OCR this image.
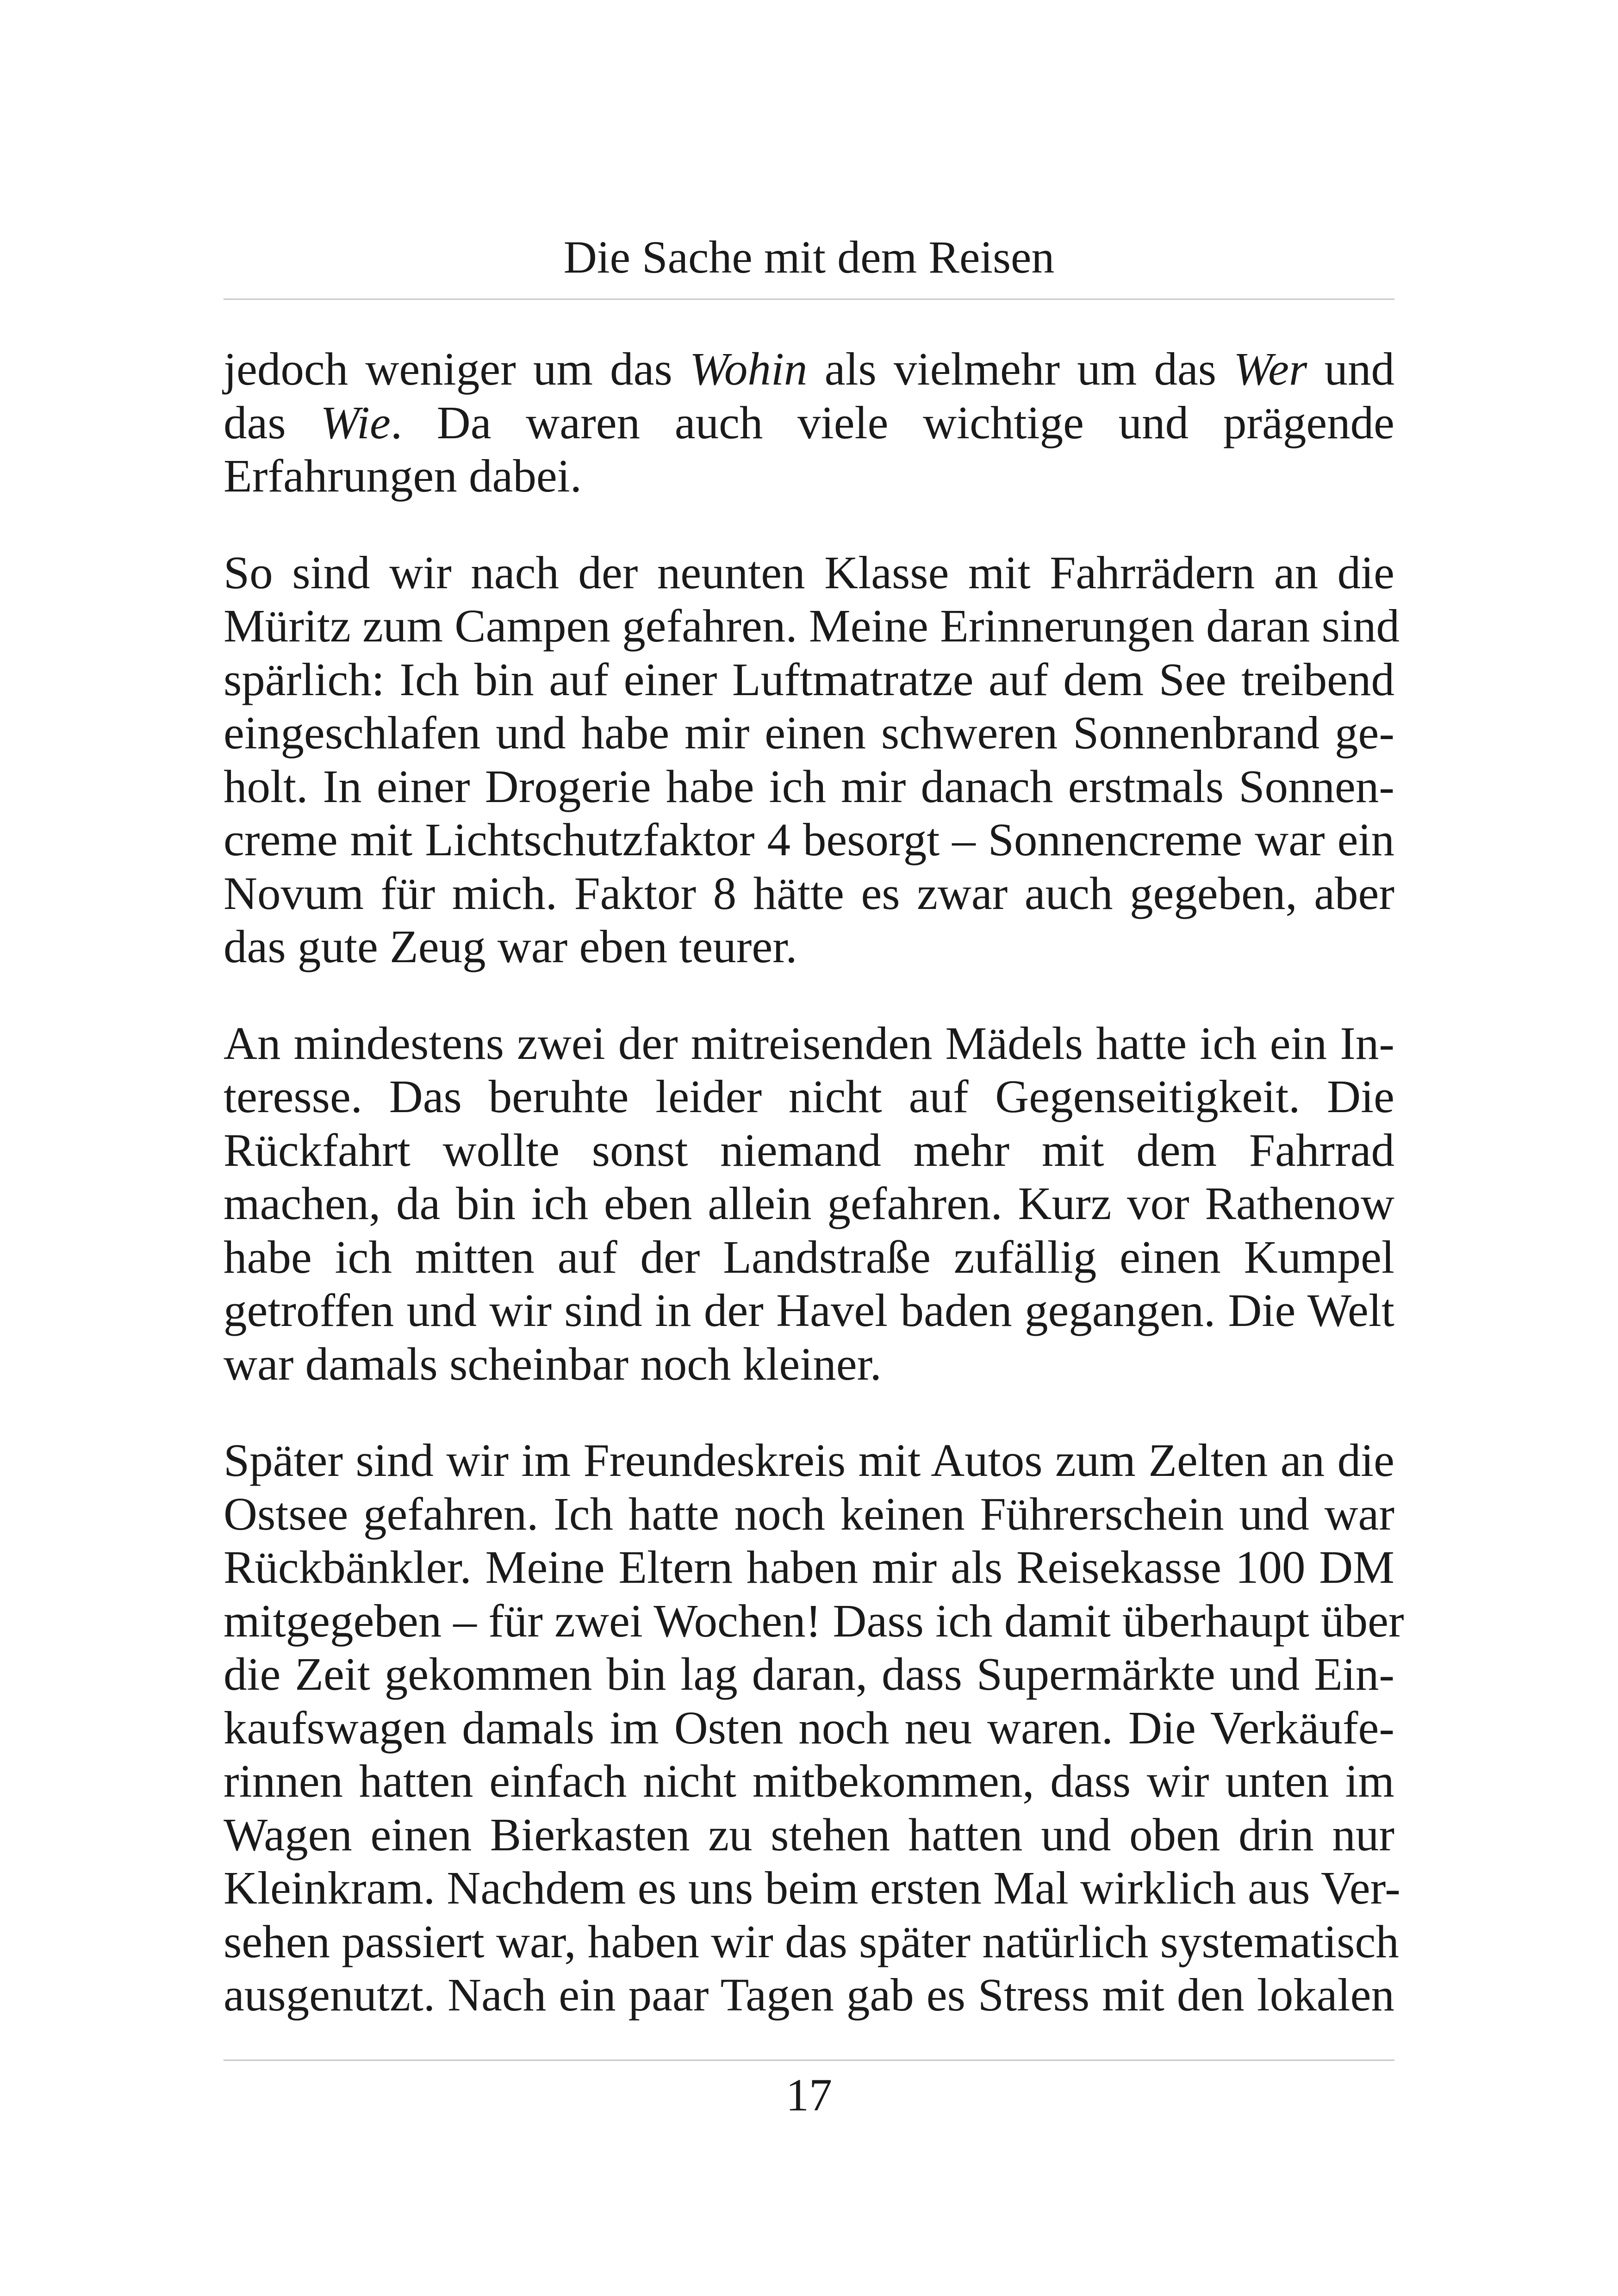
Die Sache mit dem Reisen
jedoch weniger um das Wohin als vielmehr um das Wer und
das Wie. Da waren auch viele wichtige und prägende
Erfahrungen dabei.
So sind wir nach der neunten Klasse mit Fahrrädern an die
Müritz zum Campen gefahren. Meine Erinnerungen daran sind
spärlich: Ich bin auf einer Luftmatratze auf dem See treibend
eingeschlafen und habe mir einen schweren Sonnenbrand ge-
holt. In einer Drogerie habe ich mir danach erstmals Sonnen-
creme mit Lichtschutzfaktor 4 besorgt – Sonnencreme war ein
Novum für mich. Faktor 8 hätte es zwar auch gegeben, aber
das gute Zeug war eben teurer.
An mindestens zwei der mitreisenden Mädels hatte ich ein In-
teresse. Das beruhte leider nicht auf Gegenseitigkeit. Die
Rückfahrt wollte sonst niemand mehr mit dem Fahrrad
machen, da bin ich eben allein gefahren. Kurz vor Rathenow
habe ich mitten auf der Landstraße zufällig einen Kumpel
getroffen und wir sind in der Havel baden gegangen. Die Welt
war damals scheinbar noch kleiner.
Später sind wir im Freundeskreis mit Autos zum Zelten an die
Ostsee gefahren. Ich hatte noch keinen Führerschein und war
Rückbänkler. Meine Eltern haben mir als Reisekasse 100 DM
mitgegeben – für zwei Wochen! Dass ich damit überhaupt über
die Zeit gekommen bin lag daran, dass Supermärkte und Ein-
kaufswagen damals im Osten noch neu waren. Die Verkäufe-
rinnen hatten einfach nicht mitbekommen, dass wir unten im
Wagen einen Bierkasten zu stehen hatten und oben drin nur
Kleinkram. Nachdem es uns beim ersten Mal wirklich aus Ver-
sehen passiert war, haben wir das später natürlich systematisch
ausgenutzt. Nach ein paar Tagen gab es Stress mit den lokalen
17
